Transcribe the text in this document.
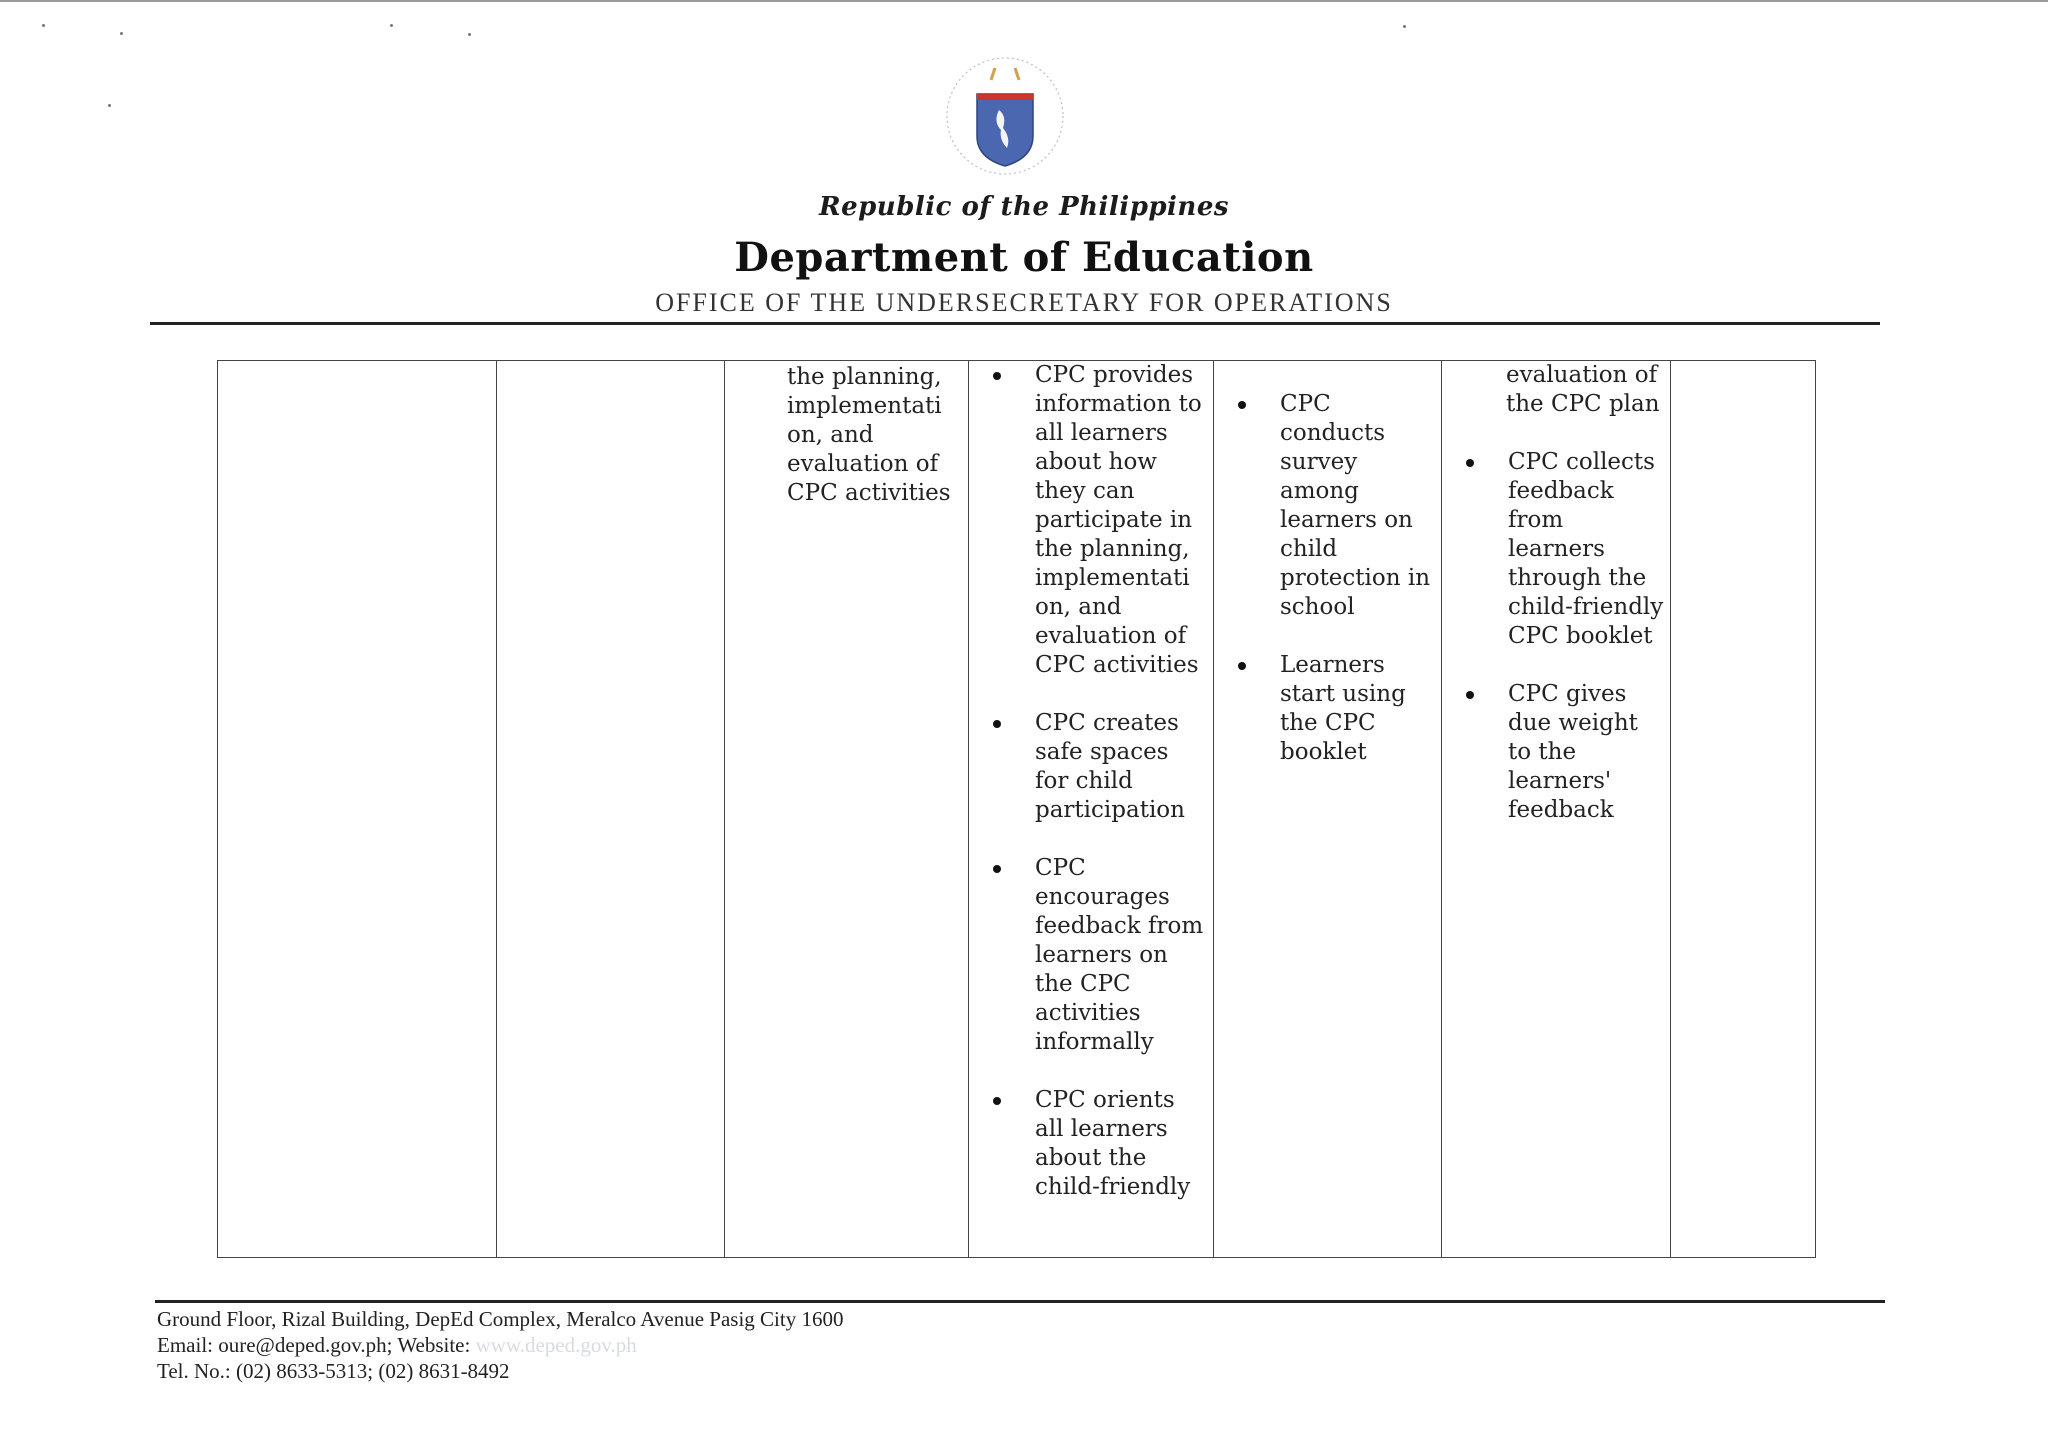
Republic of the Philippines
Department of Education
OFFICE OF THE UNDERSECRETARY FOR OPERATIONS

the planning, implementati on, and evaluation of CPC activities

CPC provides information to all learners about how they can participate in the planning, implementati on, and evaluation of CPC activities
CPC creates safe spaces for child participation
CPC encourages feedback from learners on the CPC activities informally
CPC orients all learners about the child-friendly

CPC conducts survey among learners on child protection in school
Learners start using the CPC booklet

evaluation of the CPC plan
CPC collects feedback from learners through the child-friendly CPC booklet
CPC gives due weight to the learners' feedback

Ground Floor, Rizal Building, DepEd Complex, Meralco Avenue Pasig City 1600
Email: oure@deped.gov.ph; Website: www.deped.gov.ph
Tel. No.: (02) 8633-5313; (02) 8631-8492
